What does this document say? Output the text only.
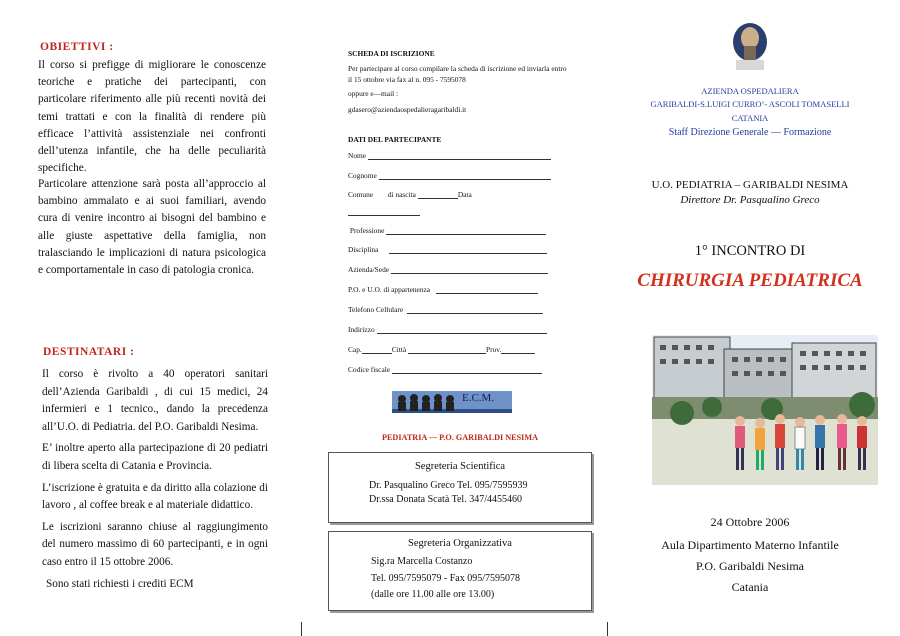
OBIETTIVI :

Il corso si prefigge di migliorare le conoscenze teoriche e pratiche dei partecipanti, con particolare riferimento alle più recenti novità dei temi trattati e con la finalità di rendere più efficace l’attività assistenziale nei confronti dell’utenza infantile, che ha delle peculiarità specifiche.

Particolare attenzione sarà posta all’approccio al bambino ammalato e ai suoi familiari, avendo cura di venire incontro ai bisogni del bambino e alle giuste aspettative della famiglia, non tralasciando le implicazioni di natura psicologica e comportamentale in caso di patologia cronica.

DESTINATARI :

Il corso è rivolto a 40 operatori sanitari dell’Azienda Garibaldi , di cui 15 medici, 24 infermieri e 1 tecnico., dando la precedenza all’U.O. di Pediatria. del P.O. Garibaldi Nesima.

E’ inoltre aperto alla partecipazione di 20 pediatri di libera scelta di Catania e Provincia.

L’iscrizione è gratuita e da diritto alla colazione di lavoro , al coffee break e al materiale didattico.

Le iscrizioni saranno chiuse al raggiungimento del numero massimo di 60 partecipanti, e in ogni caso entro il 15 ottobre 2006.

Sono stati richiesti i crediti ECM

SCHEDA DI ISCRIZIONE
Per partecipare al corso compilare la scheda di iscrizione ed inviarla entro il 15 ottobre via fax al n. 095 - 7595078
oppure e—mail :
gdasero@aziendaospedalieragaribaldi.it
DATI DEL PARTECIPANTE
Nome
Cognome
Comune di nascita	Data
Professione
Disciplina
Azienda/Sede
P.O. e U.O. di appartenenza
Telefono Cellulare
Indirizzo
Cap.	Città	Prov.
Codice fiscale
E.C.M.
PEDIATRIA — P.O. GARIBALDI NESIMA
Segreteria Scientifica
Dr. Pasqualino Greco Tel. 095/7595939
Dr.ssa Donata Scatà Tel. 347/4455460
Segreteria Organizzativa
Sig.ra Marcella Costanzo
Tel. 095/7595079 - Fax 095/7595078
(dalle ore 11.00 alle ore 13.00)
AZIENDA OSPEDALIERA
GARIBALDI-S.LUIGI CURRO’- ASCOLI TOMASELLI
CATANIA
Staff Direzione Generale — Formazione
U.O. PEDIATRIA – GARIBALDI NESIMA
Direttore Dr. Pasqualino Greco
1° INCONTRO DI
CHIRURGIA PEDIATRICA
24 Ottobre 2006
Aula Dipartimento Materno Infantile
P.O. Garibaldi Nesima
Catania
